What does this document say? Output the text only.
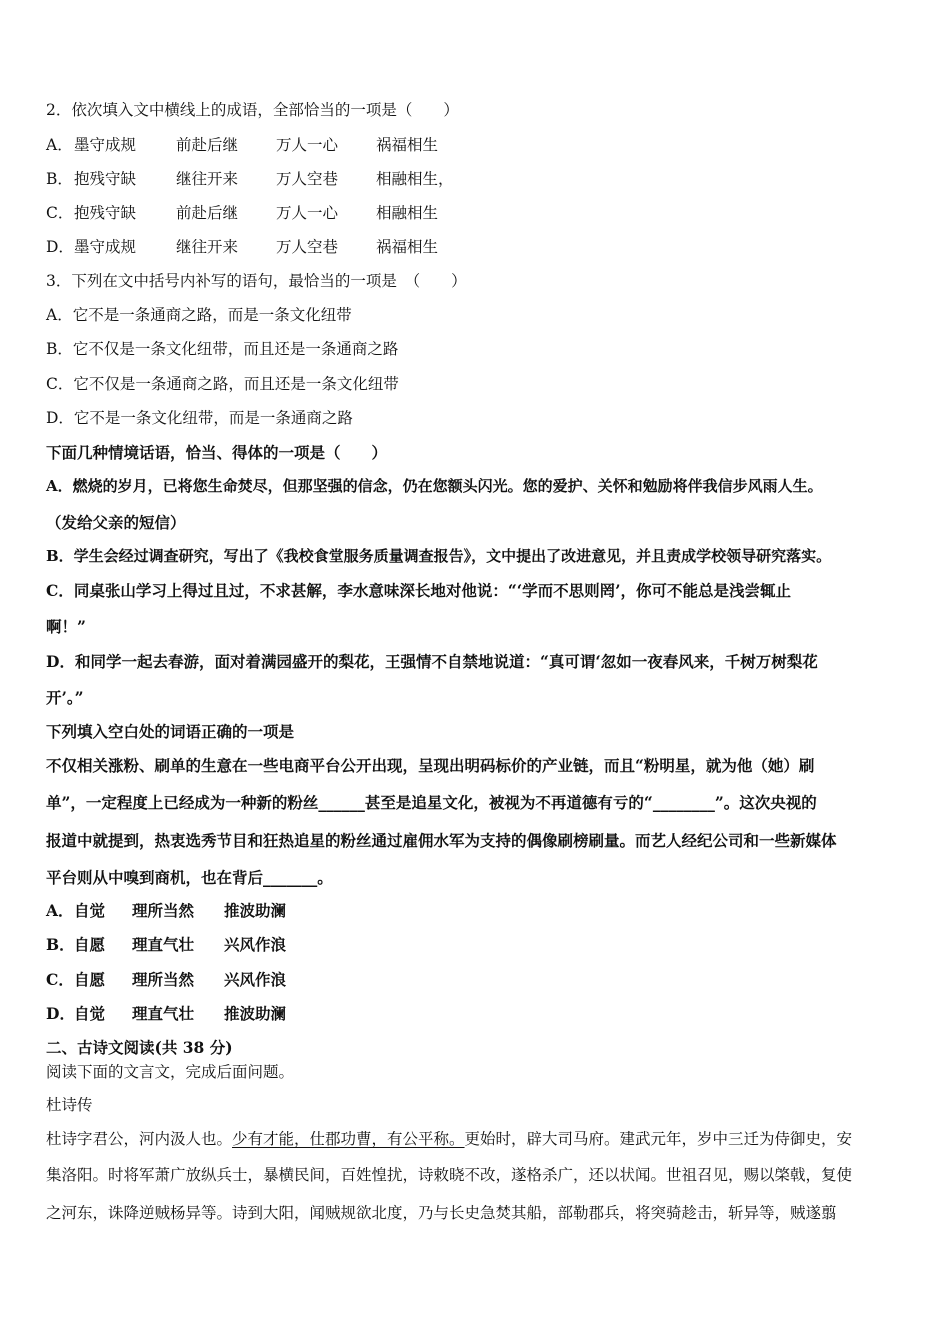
2．依次填入文中横线上的成语，全部恰当的一项是（　　）
A．墨守成规	前赴后继 万人一心 祸福相生
B．抱残守缺	继往开来 万人空巷 相融相生，
C．抱残守缺	前赴后继 万人一心 相融相生
D．墨守成规	继往开来 万人空巷 祸福相生
3．下列在文中括号内补写的语句，最恰当的一项是　（　　）
A．它不是一条通商之路，而是一条文化纽带
B．它不仅是一条文化纽带，而且还是一条通商之路
C．它不仅是一条通商之路，而且还是一条文化纽带
D．它不是一条文化纽带，而是一条通商之路
下面几种情境话语，恰当、得体的一项是（　　）
A．燃烧的岁月，已将您生命焚尽，但那坚强的信念，仍在您额头闪光。您的爱护、关怀和勉励将伴我信步风雨人生。
（发给父亲的短信）
B．学生会经过调查研究，写出了《我校食堂服务质量调查报告》，文中提出了改进意见，并且责成学校领导研究落实。
C．同桌张山学习上得过且过，不求甚解，李水意味深长地对他说：“‘学而不思则罔’，你可不能总是浅尝辄止
啊！”
D．和同学一起去春游，面对着满园盛开的梨花，王强情不自禁地说道：“真可谓‘忽如一夜春风来，千树万树梨花
开’。”
下列填入空白处的词语正确的一项是
不仅相关涨粉、刷单的生意在一些电商平台公开出现，呈现出明码标价的产业链，而且“粉明星，就为他（她）刷
单”，一定程度上已经成为一种新的粉丝______甚至是追星文化，被视为不再道德有亏的“________”。这次央视的
报道中就提到，热衷选秀节目和狂热追星的粉丝通过雇佣水军为支持的偶像刷榜刷量。而艺人经纪公司和一些新媒体
平台则从中嗅到商机，也在背后_______。
A．自觉 理所当然 推波助澜
B．自愿 理直气壮 兴风作浪
C．自愿 理所当然 兴风作浪
D．自觉 理直气壮 推波助澜
二、古诗文阅读(共 38 分)
阅读下面的文言文，完成后面问题。
杜诗传
杜诗字君公，河内汲人也。少有才能，仕郡功曹，有公平称。更始时，辟大司马府。建武元年，岁中三迁为侍御史，安
集洛阳。时将军萧广放纵兵士，暴横民间，百姓惶扰，诗敕晓不改，遂格杀广，还以状闻。世祖召见，赐以棨戟，复使
之河东，诛降逆贼杨异等。诗到大阳，闻贼规欲北度，乃与长史急焚其船，部勒郡兵，将突骑趁击，斩异等，贼遂翦
